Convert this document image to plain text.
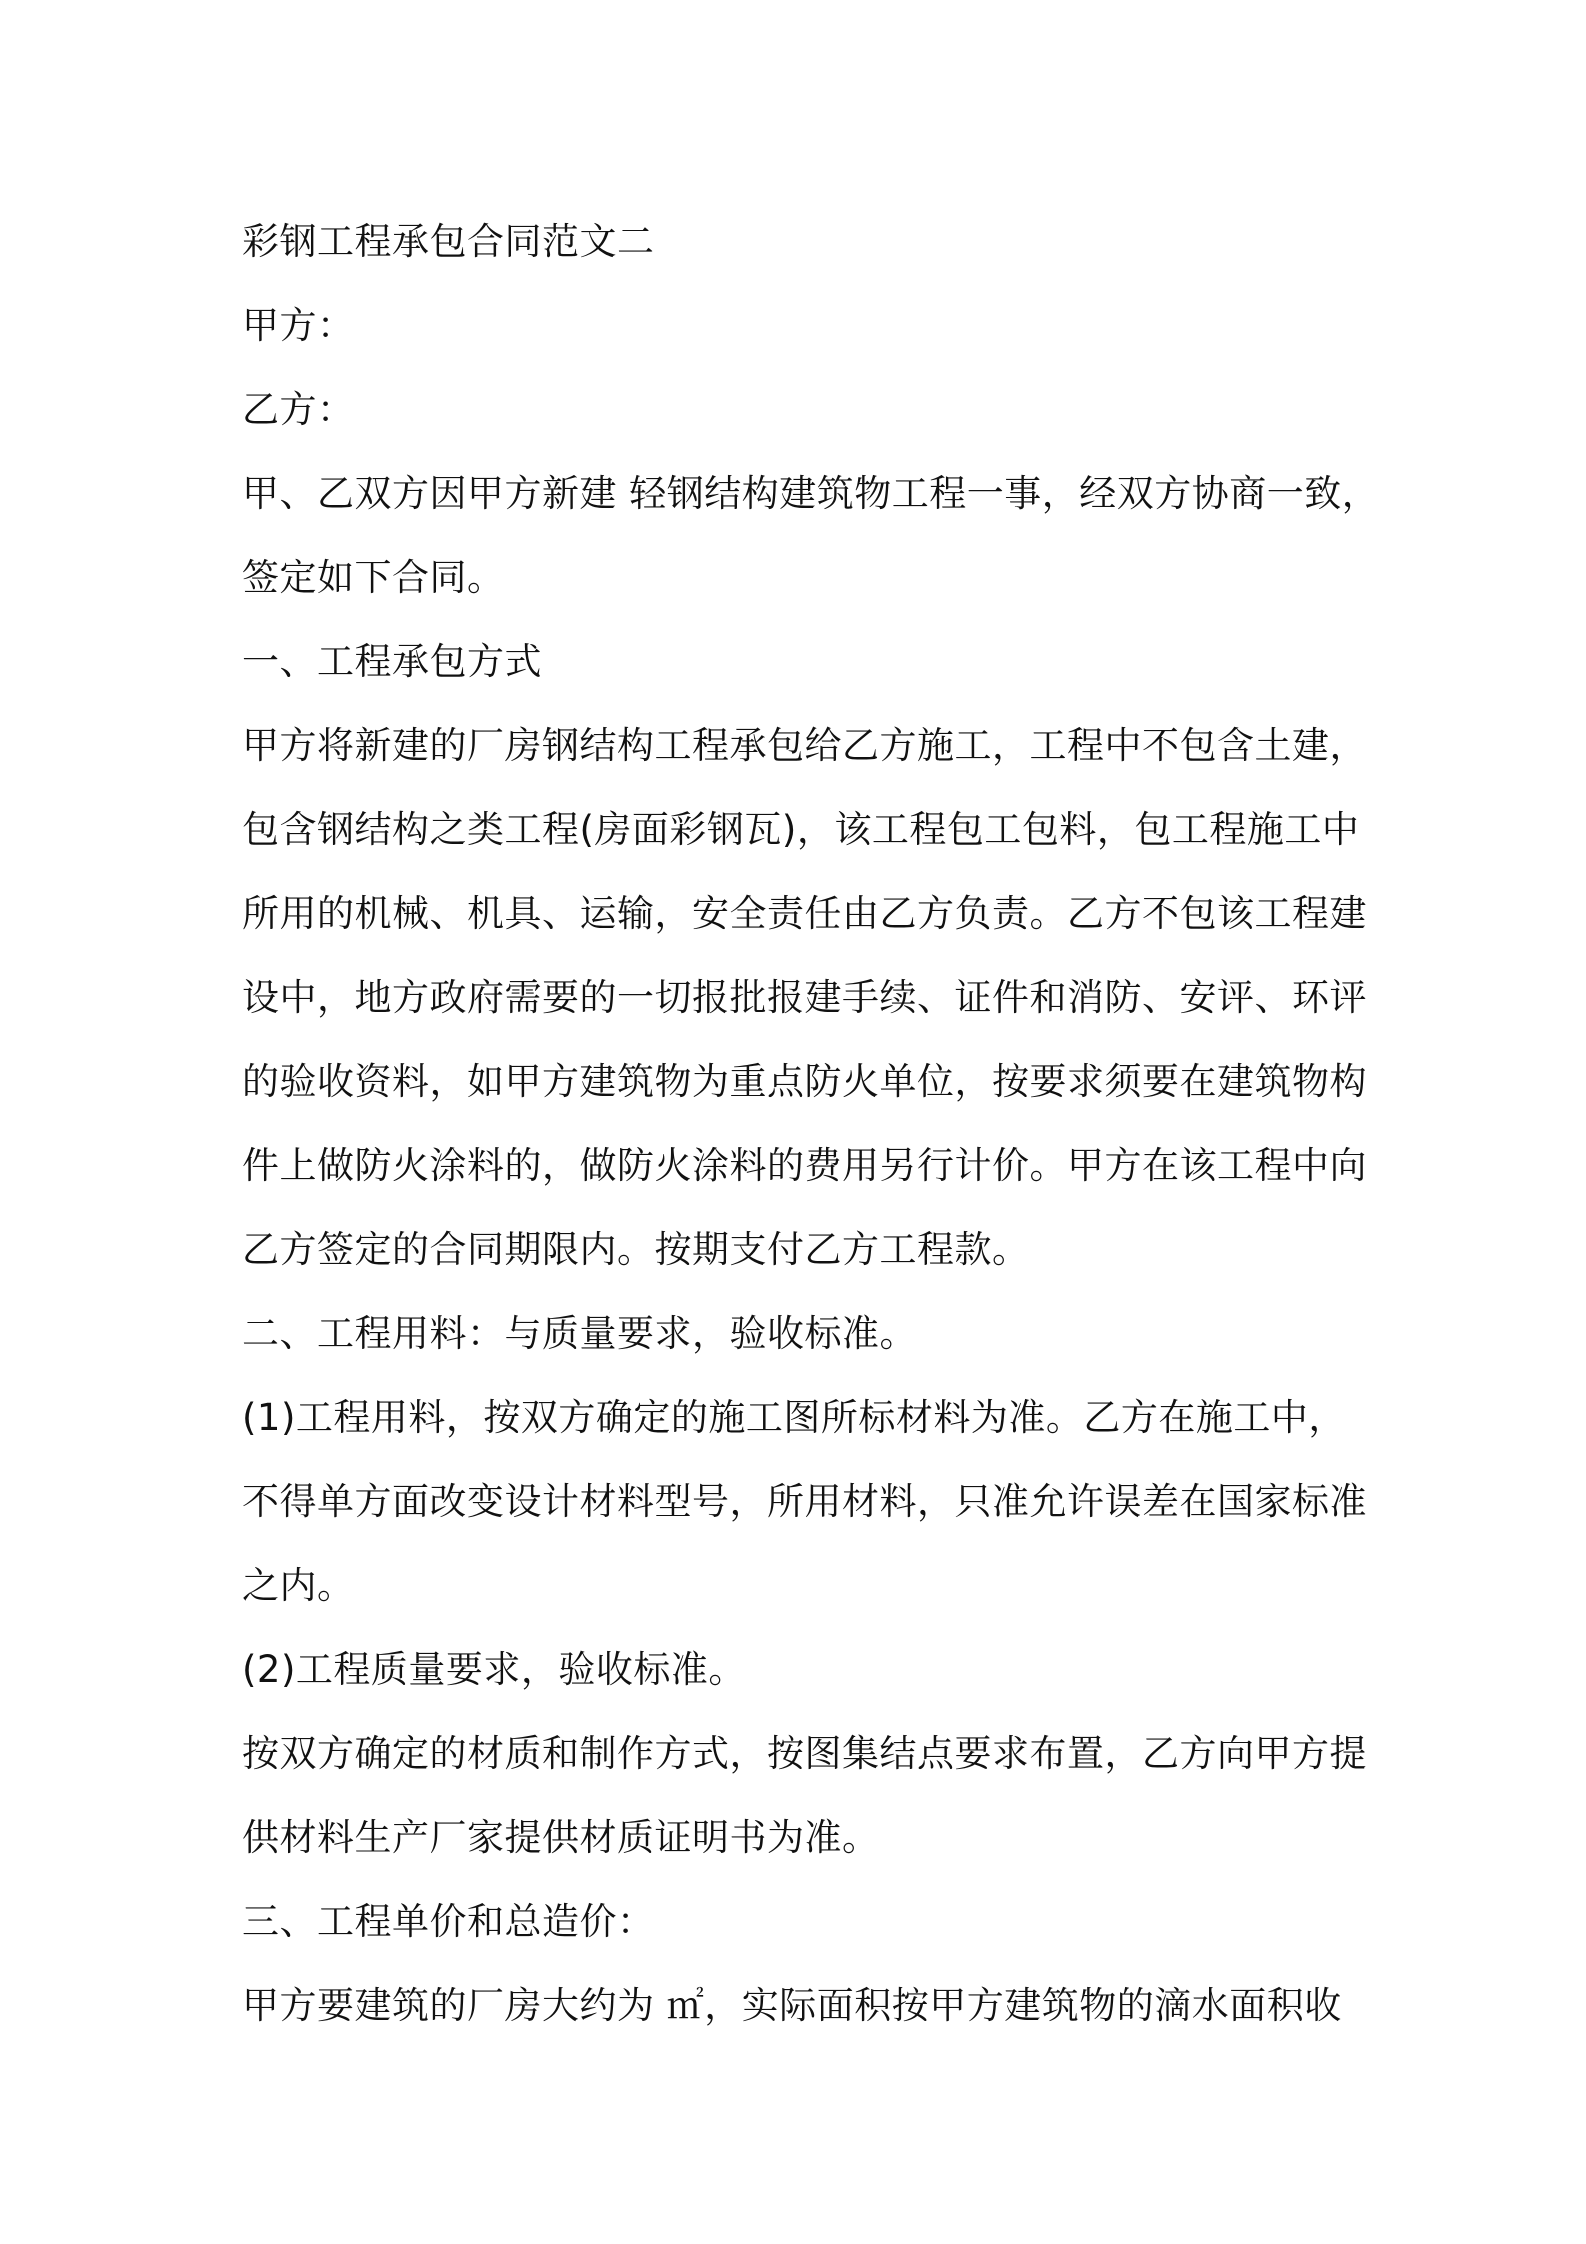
彩钢工程承包合同范文二
甲方：
乙方：
甲、乙双方因甲方新建 轻钢结构建筑物工程一事，经双方协商一致，
签定如下合同。
一、工程承包方式
甲方将新建的厂房钢结构工程承包给乙方施工，工程中不包含土建，
包含钢结构之类工程(房面彩钢瓦)，该工程包工包料，包工程施工中
所用的机械、机具、运输，安全责任由乙方负责。乙方不包该工程建
设中，地方政府需要的一切报批报建手续、证件和消防、安评、环评
的验收资料，如甲方建筑物为重点防火单位，按要求须要在建筑物构
件上做防火涂料的，做防火涂料的费用另行计价。甲方在该工程中向
乙方签定的合同期限内。按期支付乙方工程款。
二、工程用料：与质量要求，验收标准。
(1)工程用料，按双方确定的施工图所标材料为准。乙方在施工中，
不得单方面改变设计材料型号，所用材料，只准允许误差在国家标准
之内。
(2)工程质量要求，验收标准。
按双方确定的材质和制作方式，按图集结点要求布置，乙方向甲方提
供材料生产厂家提供材质证明书为准。
三、工程单价和总造价：
甲方要建筑的厂房大约为 ㎡，实际面积按甲方建筑物的滴水面积收
